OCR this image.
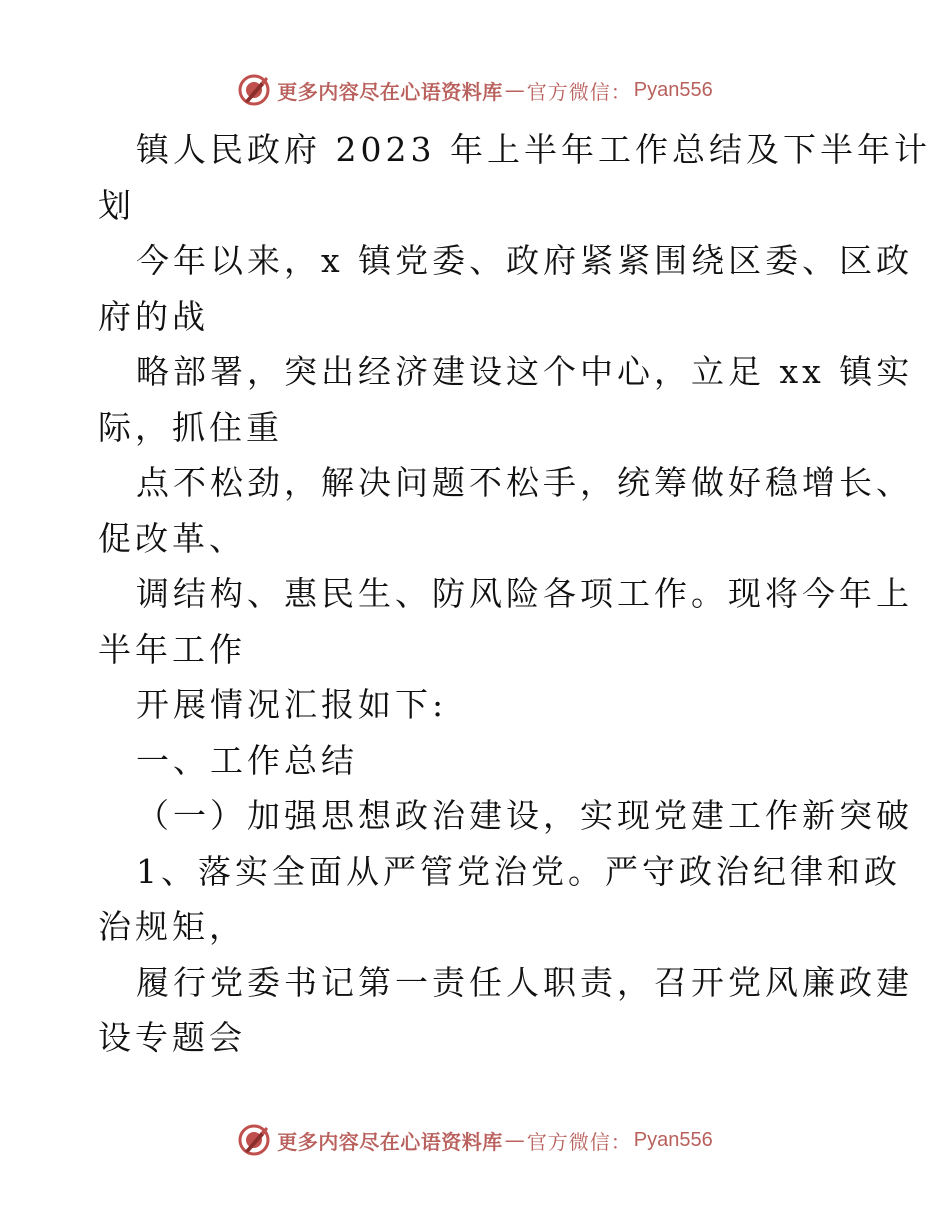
更多内容尽在心语资料库 — 官方微信： Pyan556
镇人民政府 2023 年上半年工作总结及下半年计
划
今年以来，x 镇党委、政府紧紧围绕区委、区政
府的战
略部署，突出经济建设这个中心，立足 xx 镇实
际，抓住重
点不松劲，解决问题不松手，统筹做好稳增长、
促改革、
调结构、惠民生、防风险各项工作。现将今年上
半年工作
开展情况汇报如下:
一、工作总结
（一）加强思想政治建设，实现党建工作新突破
1、落实全面从严管党治党。严守政治纪律和政
治规矩，
履行党委书记第一责任人职责，召开党风廉政建
设专题会
更多内容尽在心语资料库 — 官方微信： Pyan556
